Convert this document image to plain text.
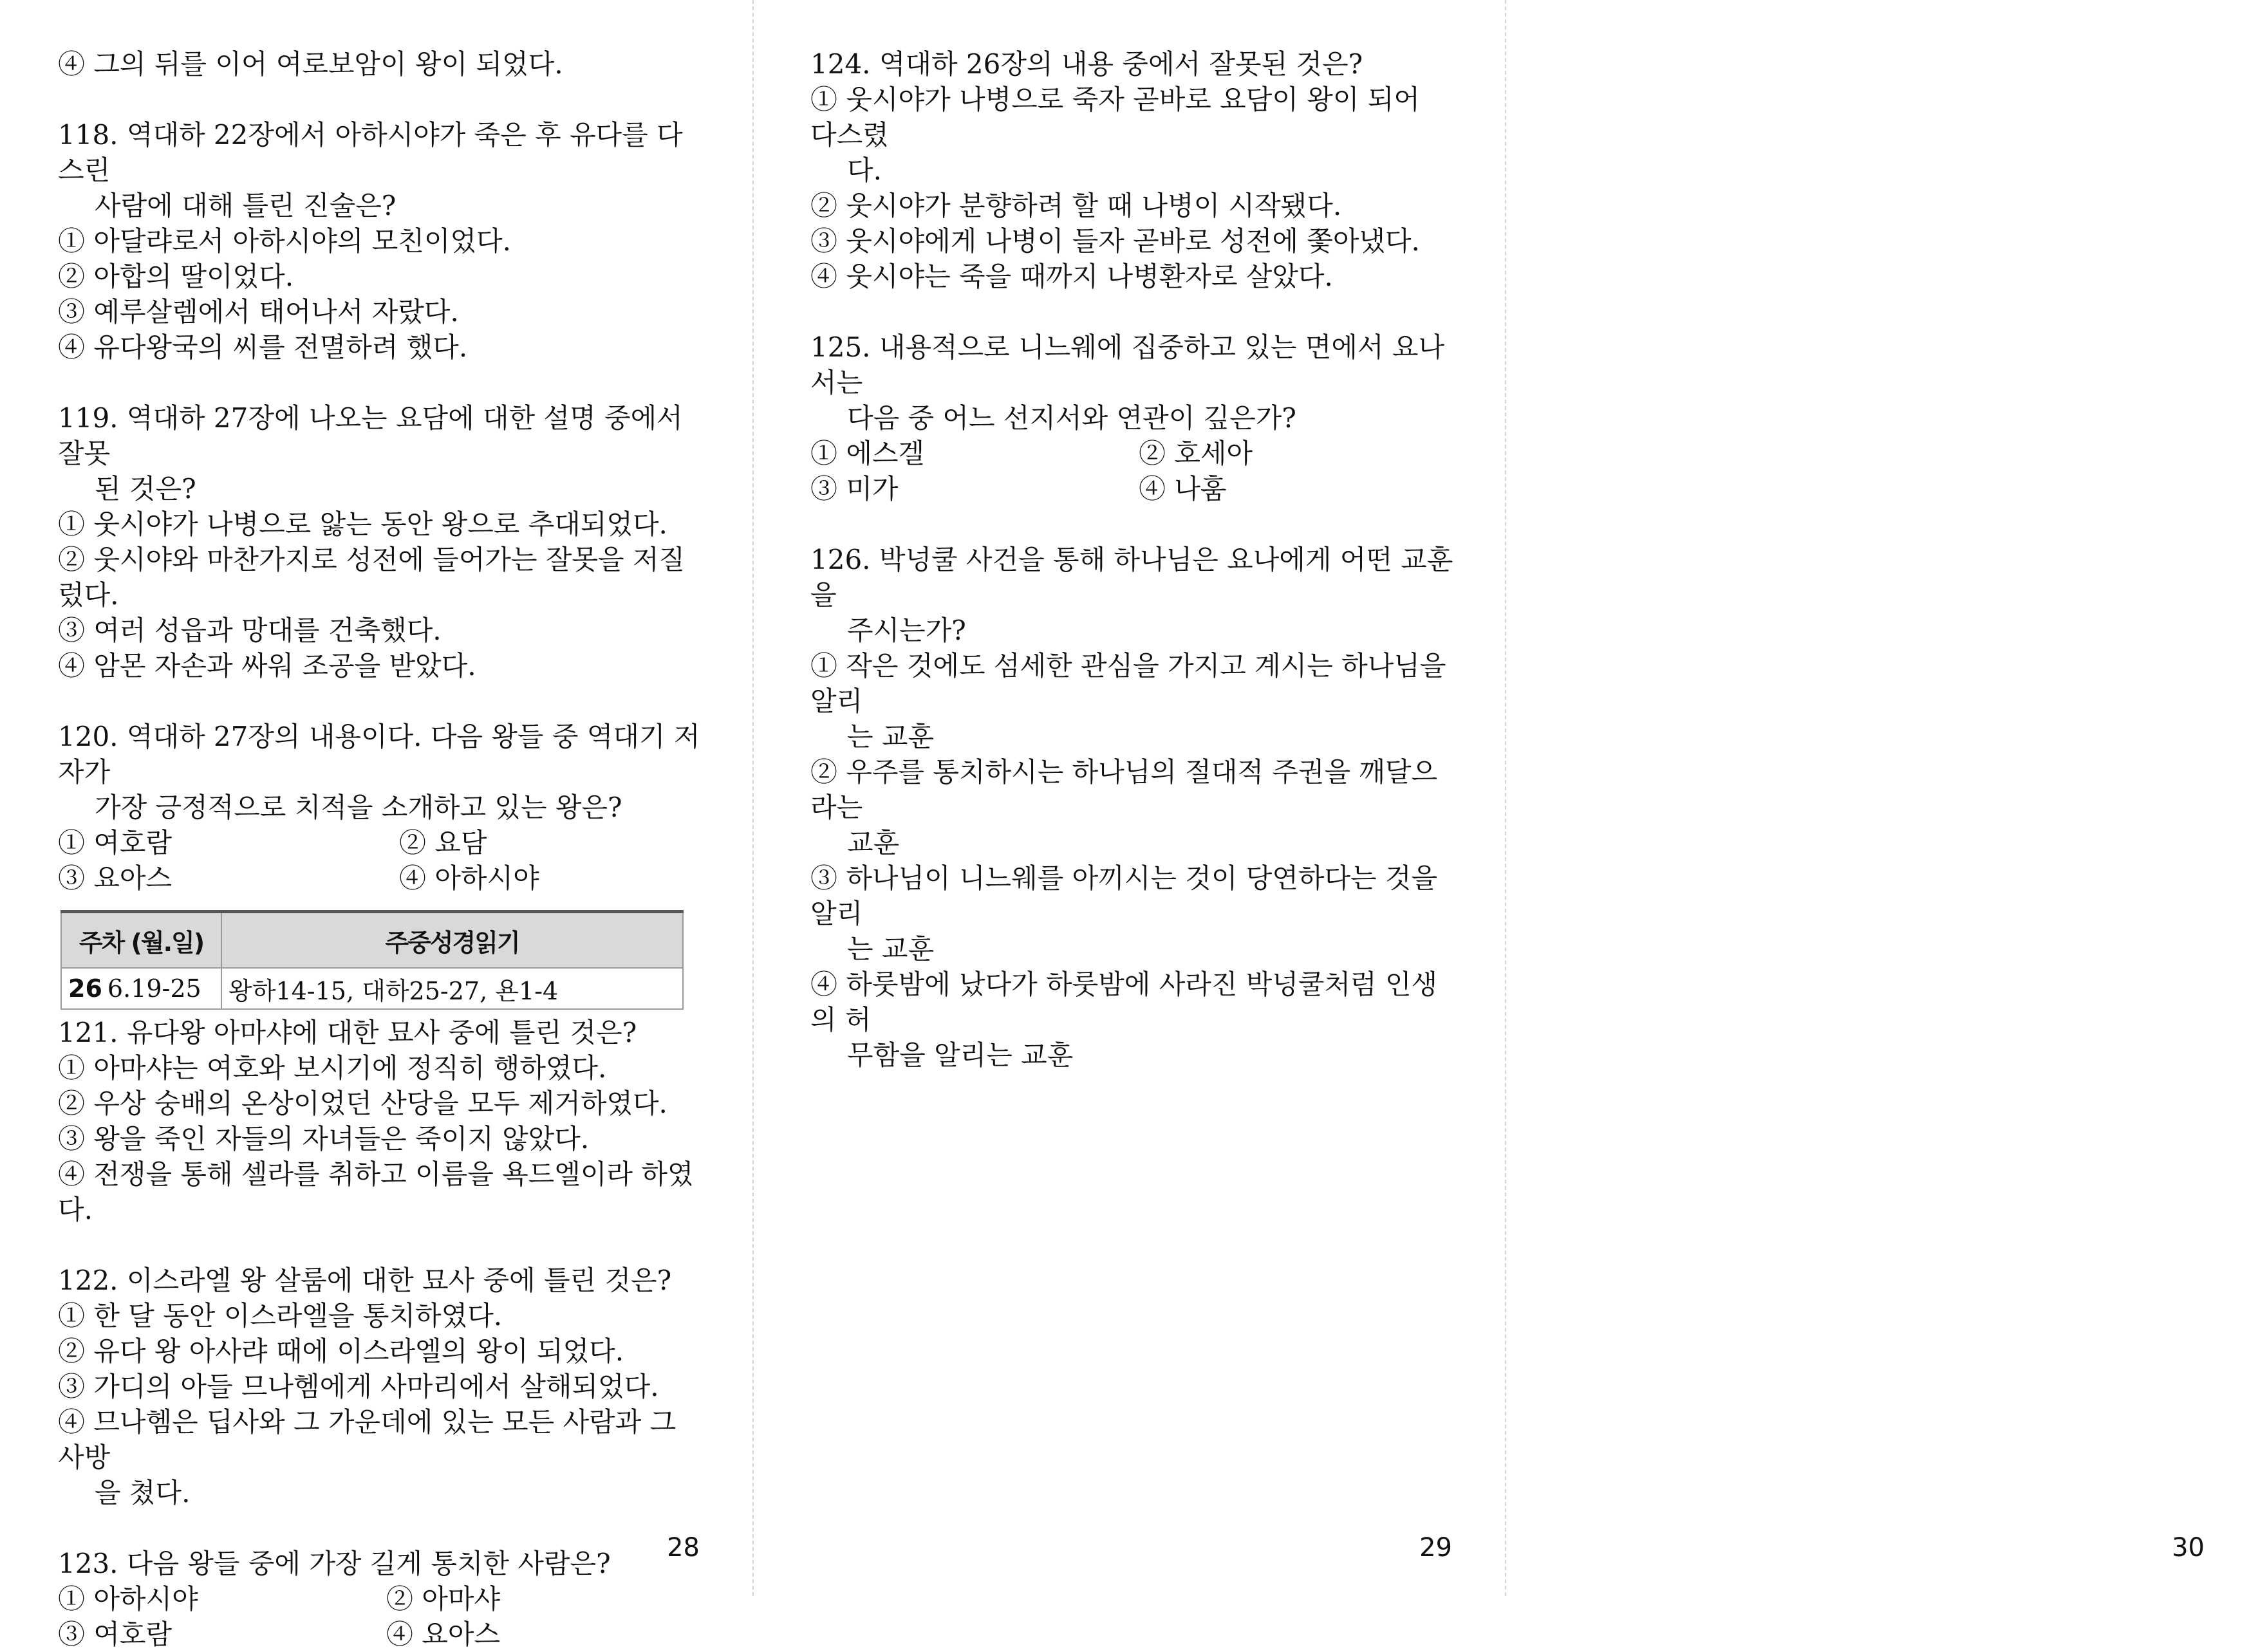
④ 그의 뒤를 이어 여로보암이 왕이 되었다.
118. 역대하 22장에서 아하시야가 죽은 후 유다를 다스린
사람에 대해 틀린 진술은?
① 아달랴로서 아하시야의 모친이었다.
② 아합의 딸이었다.
③ 예루살렘에서 태어나서 자랐다.
④ 유다왕국의 씨를 전멸하려 했다.
119. 역대하 27장에 나오는 요담에 대한 설명 중에서 잘못
된 것은?
① 웃시야가 나병으로 앓는 동안 왕으로 추대되었다.
② 웃시야와 마찬가지로 성전에 들어가는 잘못을 저질렀다.
③ 여러 성읍과 망대를 건축했다.
④ 암몬 자손과 싸워 조공을 받았다.
120. 역대하 27장의 내용이다. 다음 왕들 중 역대기 저자가
가장 긍정적으로 치적을 소개하고 있는 왕은?
① 여호람	② 요담
③ 요아스	④ 아하시야
주차 (월.일)	주중성경읽기
26 6.19-25	왕하14-15, 대하25-27, 욘1-4
121. 유다왕 아마샤에 대한 묘사 중에 틀린 것은?
① 아마샤는 여호와 보시기에 정직히 행하였다.
② 우상 숭배의 온상이었던 산당을 모두 제거하였다.
③ 왕을 죽인 자들의 자녀들은 죽이지 않았다.
④ 전쟁을 통해 셀라를 취하고 이름을 욕드엘이라 하였다.
122. 이스라엘 왕 살룸에 대한 묘사 중에 틀린 것은?
① 한 달 동안 이스라엘을 통치하였다.
② 유다 왕 아사랴 때에 이스라엘의 왕이 되었다.
③ 가디의 아들 므나헴에게 사마리에서 살해되었다.
④ 므나헴은 딥사와 그 가운데에 있는 모든 사람과 그 사방
을 쳤다.
123. 다음 왕들 중에 가장 길게 통치한 사람은?
① 아하시야	② 아마샤
③ 여호람	④ 요아스
28
124. 역대하 26장의 내용 중에서 잘못된 것은?
① 웃시야가 나병으로 죽자 곧바로 요담이 왕이 되어 다스렸
다.
② 웃시야가 분향하려 할 때 나병이 시작됐다.
③ 웃시야에게 나병이 들자 곧바로 성전에 쫓아냈다.
④ 웃시야는 죽을 때까지 나병환자로 살았다.
125. 내용적으로 니느웨에 집중하고 있는 면에서 요나서는
다음 중 어느 선지서와 연관이 깊은가?
① 에스겔	② 호세아
③ 미가	④ 나훔
126. 박넝쿨 사건을 통해 하나님은 요나에게 어떤 교훈을
주시는가?
① 작은 것에도 섬세한 관심을 가지고 계시는 하나님을 알리
는 교훈
② 우주를 통치하시는 하나님의 절대적 주권을 깨달으라는
교훈
③ 하나님이 니느웨를 아끼시는 것이 당연하다는 것을 알리
는 교훈
④ 하룻밤에 났다가 하룻밤에 사라진 박넝쿨처럼 인생의 허
무함을 알리는 교훈
29	30
